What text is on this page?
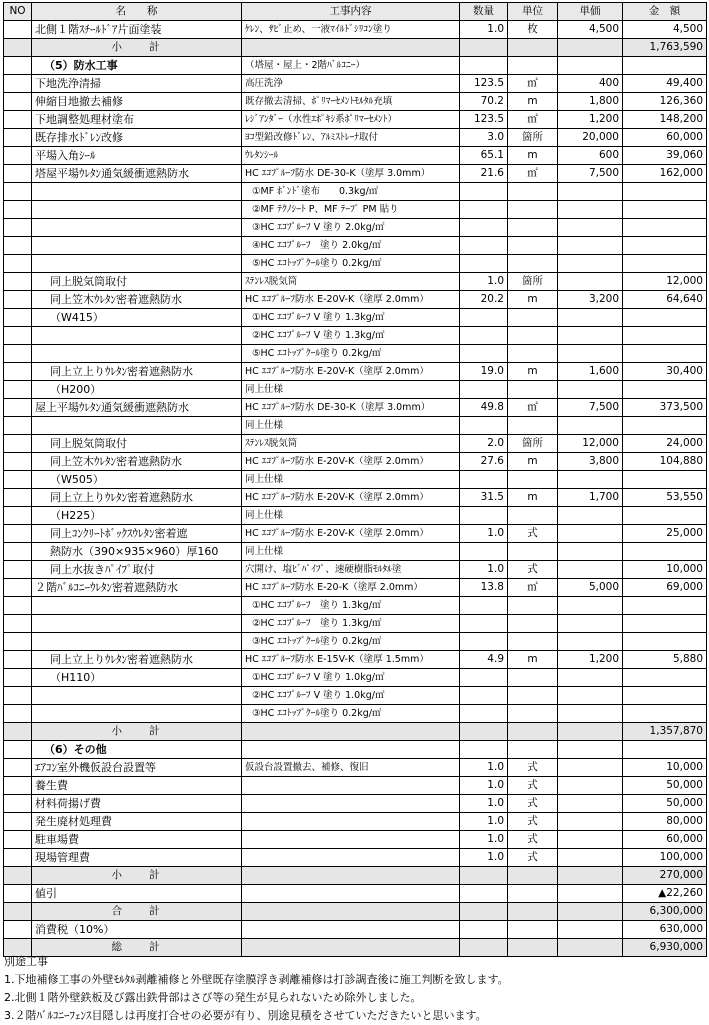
NO	名　　称	工事内容	数量	単位	単価	金　額
	北側１階ｽﾁｰﾙﾄﾞｱ片面塗装	ｹﾚﾝ、ｻﾋﾞ止め、一液ﾏｲﾙﾄﾞｼﾘｺﾝ塗り	1.0	枚	4,500	4,500
	小　　計					1,763,590
	（5）防水工事	（塔屋・屋上・2階ﾊﾞﾙｺﾆｰ）				
	下地洗浄清掃	高圧洗浄	123.5	㎡	400	49,400
	伸縮目地撤去補修	既存撤去清掃、ﾎﾟﾘﾏｰｾﾒﾝﾄﾓﾙﾀﾙ充填	70.2	m	1,800	126,360
	下地調整処理材塗布	ﾚｼﾞｱﾝﾀﾞｰ（水性ｴﾎﾟｷｼ系ﾎﾟﾘﾏｰｾﾒﾝﾄ）	123.5	㎡	1,200	148,200
	既存排水ﾄﾞﾚﾝ改修	ﾖｺ型鉛改修ﾄﾞﾚﾝ、ｱﾙﾐｽﾄﾚｰﾅ取付	3.0	箇所	20,000	60,000
	平場入角ｼｰﾙ	ｳﾚﾀﾝｼｰﾙ	65.1	m	600	39,060
	塔屋平場ｳﾚﾀﾝ通気緩衝遮熱防水	HC ｴｺﾌﾟﾙｰﾌ防水 DE-30-K（塗厚 3.0mm）	21.6	㎡	7,500	162,000
		①MF ﾎﾞﾝﾄﾞ塗布　　0.3kg/㎡				
		②MF ﾃｸﾉｼｰﾄ P、MF ﾃｰﾌﾟ PM 貼り				
		③HC ｴｺﾌﾟﾙｰﾌ V 塗り 2.0kg/㎡				
		④HC ｴｺﾌﾟﾙｰﾌ　塗り 2.0kg/㎡				
		⑤HC ｴｺﾄｯﾌﾟｸｰﾙ塗り 0.2kg/㎡				
	同上脱気筒取付	ｽﾃﾝﾚｽ脱気筒	1.0	箇所		12,000
	同上笠木ｳﾚﾀﾝ密着遮熱防水	HC ｴｺﾌﾟﾙｰﾌ防水 E-20V-K（塗厚 2.0mm）	20.2	m	3,200	64,640
	（W415）	①HC ｴｺﾌﾟﾙｰﾌ V 塗り 1.3kg/㎡				
		②HC ｴｺﾌﾟﾙｰﾌ V 塗り 1.3kg/㎡				
		⑤HC ｴｺﾄｯﾌﾟｸｰﾙ塗り 0.2kg/㎡				
	同上立上りｳﾚﾀﾝ密着遮熱防水	HC ｴｺﾌﾟﾙｰﾌ防水 E-20V-K（塗厚 2.0mm）	19.0	m	1,600	30,400
	（H200）	同上仕様				
	屋上平場ｳﾚﾀﾝ通気緩衝遮熱防水	HC ｴｺﾌﾟﾙｰﾌ防水 DE-30-K（塗厚 3.0mm）	49.8	㎡	7,500	373,500
		同上仕様				
	同上脱気筒取付	ｽﾃﾝﾚｽ脱気筒	2.0	箇所	12,000	24,000
	同上笠木ｳﾚﾀﾝ密着遮熱防水	HC ｴｺﾌﾟﾙｰﾌ防水 E-20V-K（塗厚 2.0mm）	27.6	m	3,800	104,880
	（W505）	同上仕様				
	同上立上りｳﾚﾀﾝ密着遮熱防水	HC ｴｺﾌﾟﾙｰﾌ防水 E-20V-K（塗厚 2.0mm）	31.5	m	1,700	53,550
	（H225）	同上仕様				
	同上ｺﾝｸﾘｰﾄﾎﾞｯｸｽｳﾚﾀﾝ密着遮	HC ｴｺﾌﾟﾙｰﾌ防水 E-20V-K（塗厚 2.0mm）	1.0	式		25,000
	熱防水（390×935×960）厚160	同上仕様				
	同上水抜きﾊﾟｲﾌﾟ取付	穴開け、塩ﾋﾞﾊﾟｲﾌﾟ、速硬樹脂ﾓﾙﾀﾙ塗	1.0	式		10,000
	２階ﾊﾞﾙｺﾆｰｳﾚﾀﾝ密着遮熱防水	HC ｴｺﾌﾟﾙｰﾌ防水 E-20-K（塗厚 2.0mm）	13.8	㎡	5,000	69,000
		①HC ｴｺﾌﾟﾙｰﾌ　塗り 1.3kg/㎡				
		②HC ｴｺﾌﾟﾙｰﾌ　塗り 1.3kg/㎡				
		③HC ｴｺﾄｯﾌﾟｸｰﾙ塗り 0.2kg/㎡				
	同上立上りｳﾚﾀﾝ密着遮熱防水	HC ｴｺﾌﾟﾙｰﾌ防水 E-15V-K（塗厚 1.5mm）	4.9	m	1,200	5,880
	（H110）	①HC ｴｺﾌﾟﾙｰﾌ V 塗り 1.0kg/㎡				
		②HC ｴｺﾌﾟﾙｰﾌ V 塗り 1.0kg/㎡				
		③HC ｴｺﾄｯﾌﾟｸｰﾙ塗り 0.2kg/㎡				
	小　　計					1,357,870
	（6）その他					
	ｴｱｺﾝ室外機仮設台設置等	仮設台設置撤去、補修、復旧	1.0	式		10,000
	養生費		1.0	式		50,000
	材料荷揚げ費		1.0	式		50,000
	発生廃材処理費		1.0	式		80,000
	駐車場費		1.0	式		60,000
	現場管理費		1.0	式		100,000
	小　　計					270,000
	値引					▲22,260
	合　　計					6,300,000
	消費税（10%）					630,000
	総　　計					6,930,000
別途工事
1.下地補修工事の外壁ﾓﾙﾀﾙ剥離補修と外壁既存塗膜浮き剥離補修は打診調査後に施工判断を致します。
2.北側１階外壁鉄板及び露出鉄骨部はさび等の発生が見られないため除外しました。
3.２階ﾊﾞﾙｺﾆｰﾌｪﾝｽ目隠しは再度打合せの必要が有り、別途見積をさせていただきたいと思います。
